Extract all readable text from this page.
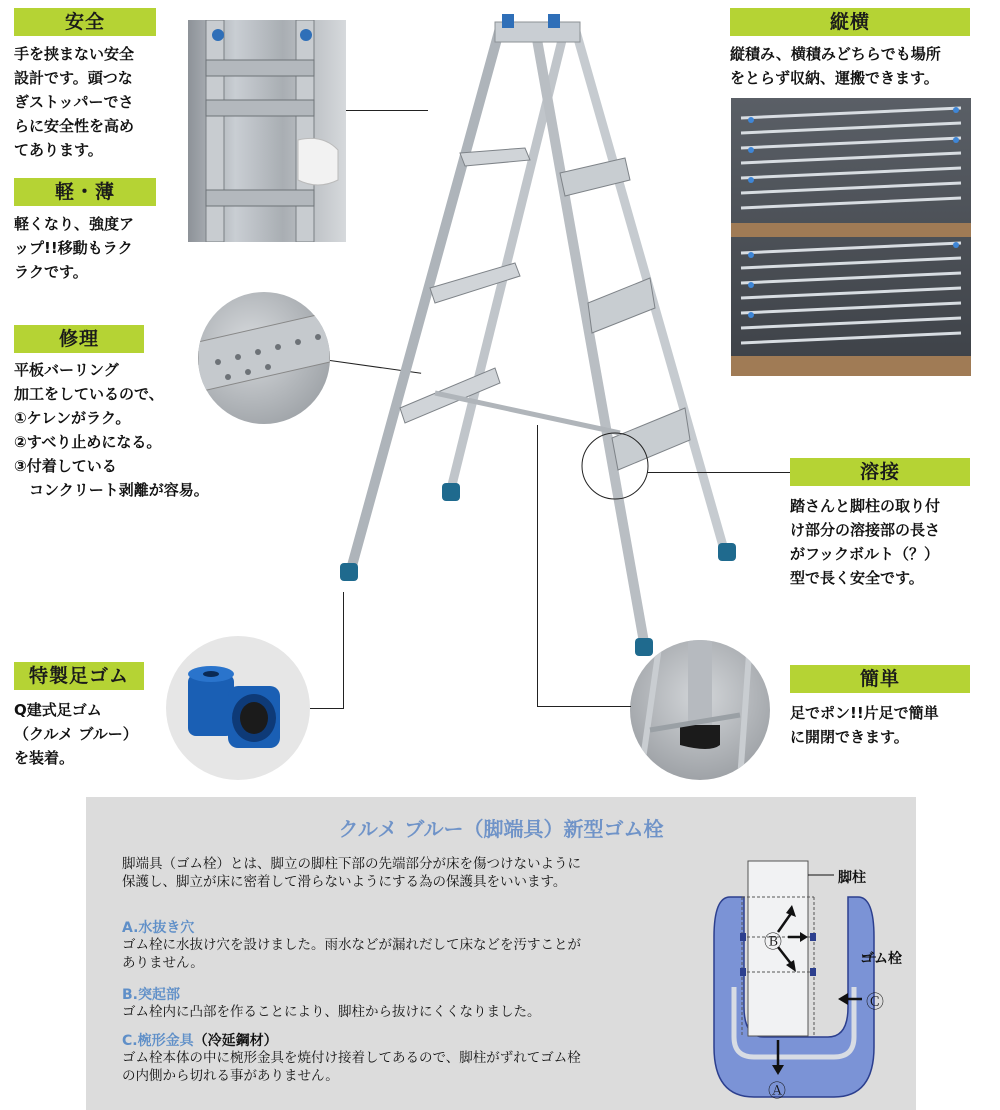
安全
手を挟まない安全
設計です。頭つな
ぎストッパーでさ
らに安全性を高め
てあります。
軽・薄
軽くなり、強度ア
ップ!!移動もラク
ラクです。
修理
平板バーリング
加工をしているので、
①ケレンがラク。
②すべり止めになる。
③付着している
　コンクリート剥離が容易。
特製足ゴム
Q建式足ゴム
（クルメ ブルー）
を装着。
縦横
縦積み、横積みどちらでも場所
をとらず収納、運搬できます。
溶接
踏さんと脚柱の取り付
け部分の溶接部の長さ
がフックボルト（？）
型で長く安全です。
簡単
足でポン!!片足で簡単
に開閉できます。
クルメ ブルー（脚端具）新型ゴム栓
脚端具（ゴム栓）とは、脚立の脚柱下部の先端部分が床を傷つけないように
保護し、脚立が床に密着して滑らないようにする為の保護具をいいます。
A.水抜き穴
ゴム栓に水抜け穴を設けました。雨水などが漏れだして床などを汚すことが
ありません。
B.突起部
ゴム栓内に凸部を作ることにより、脚柱から抜けにくくなりました。
C.椀形金具（冷延鋼材）
ゴム栓本体の中に椀形金具を焼付け接着してあるので、脚柱がずれてゴム栓
の内側から切れる事がありません。
脚柱
ゴム栓
Ⓑ
Ⓒ
Ⓐ
